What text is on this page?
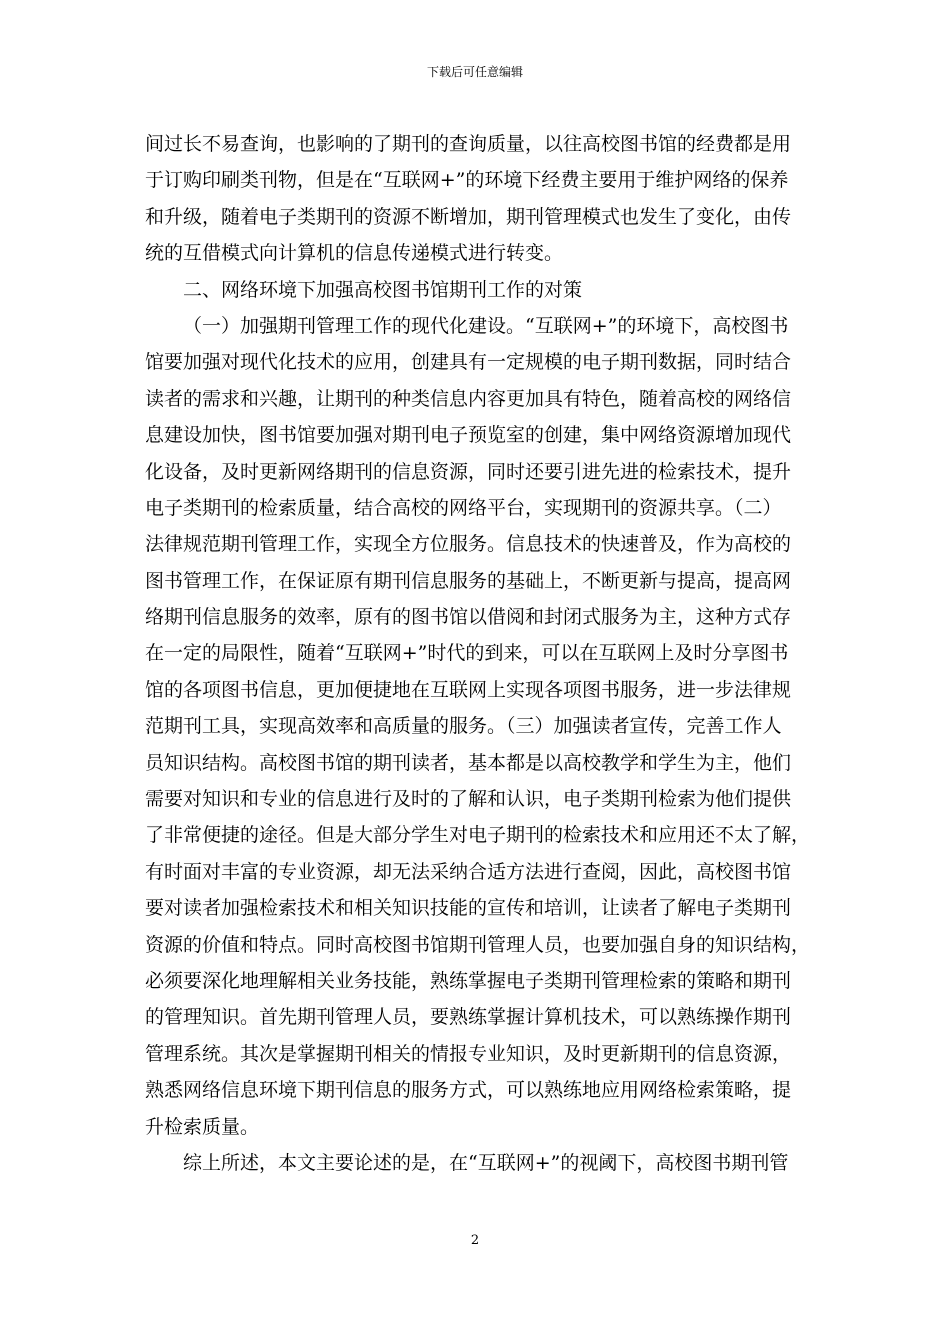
下载后可任意编辑
间过长不易查询，也影响的了期刊的查询质量，以往高校图书馆的经费都是用
于订购印刷类刊物，但是在“互联网+”的环境下经费主要用于维护网络的保养
和升级，随着电子类期刊的资源不断增加，期刊管理模式也发生了变化，由传
统的互借模式向计算机的信息传递模式进行转变。
二、网络环境下加强高校图书馆期刊工作的对策
（一）加强期刊管理工作的现代化建设。“互联网+”的环境下，高校图书
馆要加强对现代化技术的应用，创建具有一定规模的电子期刊数据，同时结合
读者的需求和兴趣，让期刊的种类信息内容更加具有特色，随着高校的网络信
息建设加快，图书馆要加强对期刊电子预览室的创建，集中网络资源增加现代
化设备，及时更新网络期刊的信息资源，同时还要引进先进的检索技术，提升
电子类期刊的检索质量，结合高校的网络平台，实现期刊的资源共享。（二）
法律规范期刊管理工作，实现全方位服务。信息技术的快速普及，作为高校的
图书管理工作，在保证原有期刊信息服务的基础上，不断更新与提高，提高网
络期刊信息服务的效率，原有的图书馆以借阅和封闭式服务为主，这种方式存
在一定的局限性，随着“互联网+”时代的到来，可以在互联网上及时分享图书
馆的各项图书信息，更加便捷地在互联网上实现各项图书服务，进一步法律规
范期刊工具，实现高效率和高质量的服务。（三）加强读者宣传，完善工作人
员知识结构。高校图书馆的期刊读者，基本都是以高校教学和学生为主，他们
需要对知识和专业的信息进行及时的了解和认识，电子类期刊检索为他们提供
了非常便捷的途径。但是大部分学生对电子期刊的检索技术和应用还不太了解，
有时面对丰富的专业资源，却无法采纳合适方法进行查阅，因此，高校图书馆
要对读者加强检索技术和相关知识技能的宣传和培训，让读者了解电子类期刊
资源的价值和特点。同时高校图书馆期刊管理人员，也要加强自身的知识结构，
必须要深化地理解相关业务技能，熟练掌握电子类期刊管理检索的策略和期刊
的管理知识。首先期刊管理人员，要熟练掌握计算机技术，可以熟练操作期刊
管理系统。其次是掌握期刊相关的情报专业知识，及时更新期刊的信息资源，
熟悉网络信息环境下期刊信息的服务方式，可以熟练地应用网络检索策略，提
升检索质量。
综上所述，本文主要论述的是，在“互联网+”的视阈下，高校图书期刊管
2
